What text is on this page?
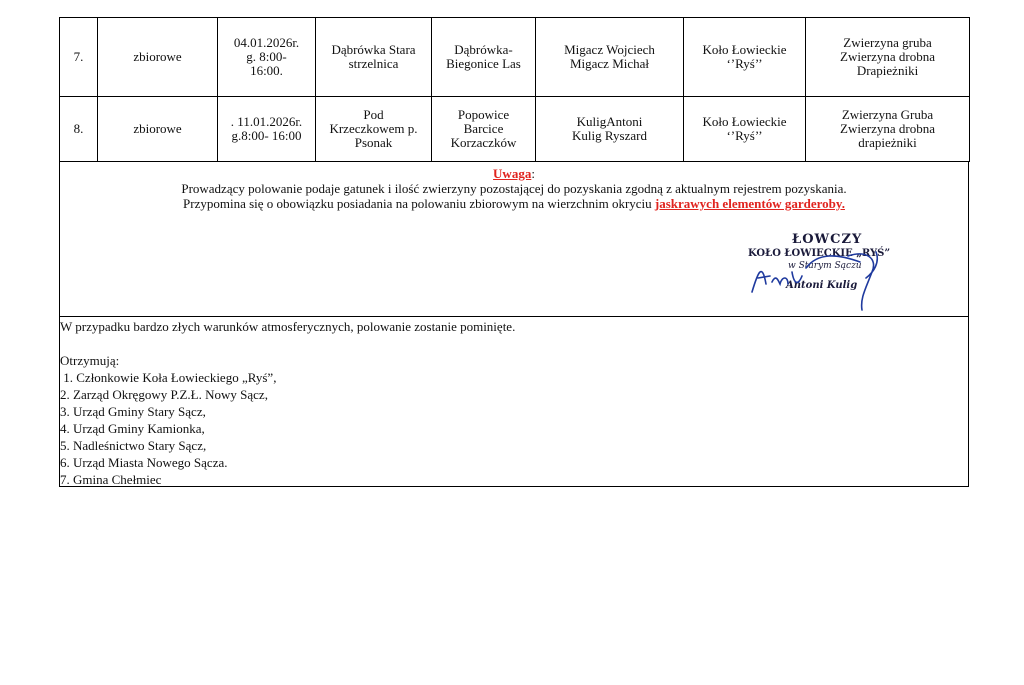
7.	zbiorowe	04.01.2026r.
g. 8:00-
16:00.	Dąbrówka Stara
strzelnica	Dąbrówka-
Biegonice Las	Migacz Wojciech
Migacz Michał	Koło Łowieckie
‘’Ryś’’	Zwierzyna gruba
Zwierzyna drobna
Drapieżniki

8.	zbiorowe	. 11.01.2026r.
g.8:00- 16:00	Pod
Krzeczkowem p.
Psonak	Popowice
Barcice
Korzaczków	KuligAntoni
Kulig Ryszard	Koło Łowieckie
‘’Ryś’’	Zwierzyna Gruba
Zwierzyna drobna
drapieżniki
Uwaga:
Prowadzący polowanie podaje gatunek i ilość zwierzyny pozostającej do pozyskania zgodną z aktualnym rejestrem pozyskania.
Przypomina się o obowiązku posiadania na polowaniu zbiorowym na wierzchnim okryciu jaskrawych elementów garderoby.
ŁOWCZY
KOŁO ŁOWIECKIE „RYŚ”
w Starym Sączu
Antoni Kulig

W przypadku bardzo złych warunków atmosferycznych, polowanie zostanie pominięte.

Otrzymują:

1. Członkowie Koła Łowieckiego „Ryś”,

2. Zarząd Okręgowy P.Z.Ł. Nowy Sącz,

3. Urząd Gminy Stary Sącz,

4. Urząd Gminy Kamionka,

5. Nadleśnictwo Stary Sącz,

6. Urząd Miasta Nowego Sącza.

7. Gmina Chełmiec
